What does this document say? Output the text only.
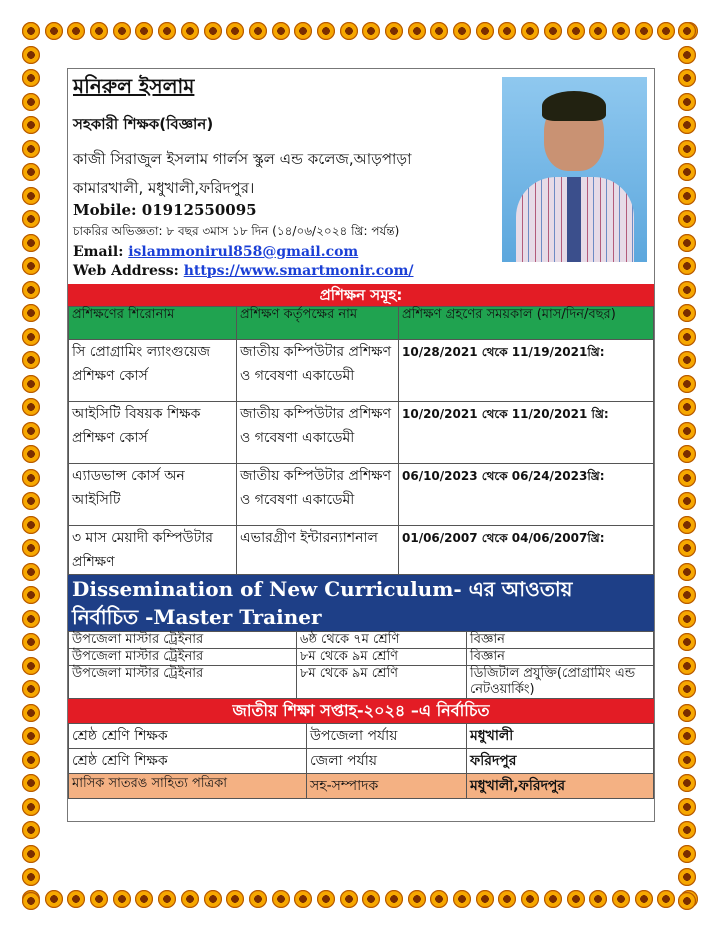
মনিরুল ইসলাম
সহকারী শিক্ষক(বিজ্ঞান)
কাজী সিরাজুল ইসলাম গার্লস স্কুল এন্ড কলেজ,আড়পাড়া
কামারখালী, মধুখালী,ফরিদপুর।
Mobile: 01912550095
চাকরির অভিজ্ঞতা: ৮ বছর ৩মাস ১৮ দিন (১৪/০৬/২০২৪ খ্রি: পর্যন্ত)
Email: islammonirul858@gmail.com
Web Address: https://www.smartmonir.com/
প্রশিক্ষন সমূহ:
প্রশিক্ষণের শিরোনাম	প্রশিক্ষণ কর্তৃপক্ষের নাম	প্রশিক্ষণ গ্রহণের সময়কাল (মাস/দিন/বছর)
সি প্রোগ্রামিং ল্যাংগুয়েজ প্রশিক্ষণ কোর্স	জাতীয় কম্পিউটার প্রশিক্ষণ ও গবেষণা একাডেমী	10/28/2021 থেকে 11/19/2021খ্রি:
আইসিটি বিষয়ক শিক্ষক প্রশিক্ষণ কোর্স	জাতীয় কম্পিউটার প্রশিক্ষণ ও গবেষণা একাডেমী	10/20/2021 থেকে 11/20/2021 খ্রি:
এ্যাডভান্স কোর্স অন আইসিটি	জাতীয় কম্পিউটার প্রশিক্ষণ ও গবেষণা একাডেমী	06/10/2023 থেকে 06/24/2023খ্রি:
৩ মাস মেয়াদী কম্পিউটার প্রশিক্ষণ	এভারগ্রীণ ইন্টারন্যাশনাল	01/06/2007 থেকে 04/06/2007খ্রি:
Dissemination of New Curriculum- এর আওতায়
নির্বাচিত -Master Trainer
উপজেলা মাস্টার ট্রেইনার	৬ষ্ঠ থেকে ৭ম শ্রেণি	বিজ্ঞান
উপজেলা মাস্টার ট্রেইনার	৮ম থেকে ৯ম শ্রেণি	বিজ্ঞান
উপজেলা মাস্টার ট্রেইনার	৮ম থেকে ৯ম শ্রেণি	ডিজিটাল প্রযুক্তি(প্রোগ্রামিং এন্ড নেটওয়ার্কিং)
জাতীয় শিক্ষা সপ্তাহ-২০২৪ –এ নির্বাচিত
শ্রেষ্ঠ শ্রেণি শিক্ষক	উপজেলা পর্যায়	মধুখালী
শ্রেষ্ঠ শ্রেণি শিক্ষক	জেলা পর্যায়	ফরিদপুর
মাসিক সাতরঙ সাহিত্য পত্রিকা	সহ-সম্পাদক	মধুখালী,ফরিদপুর
